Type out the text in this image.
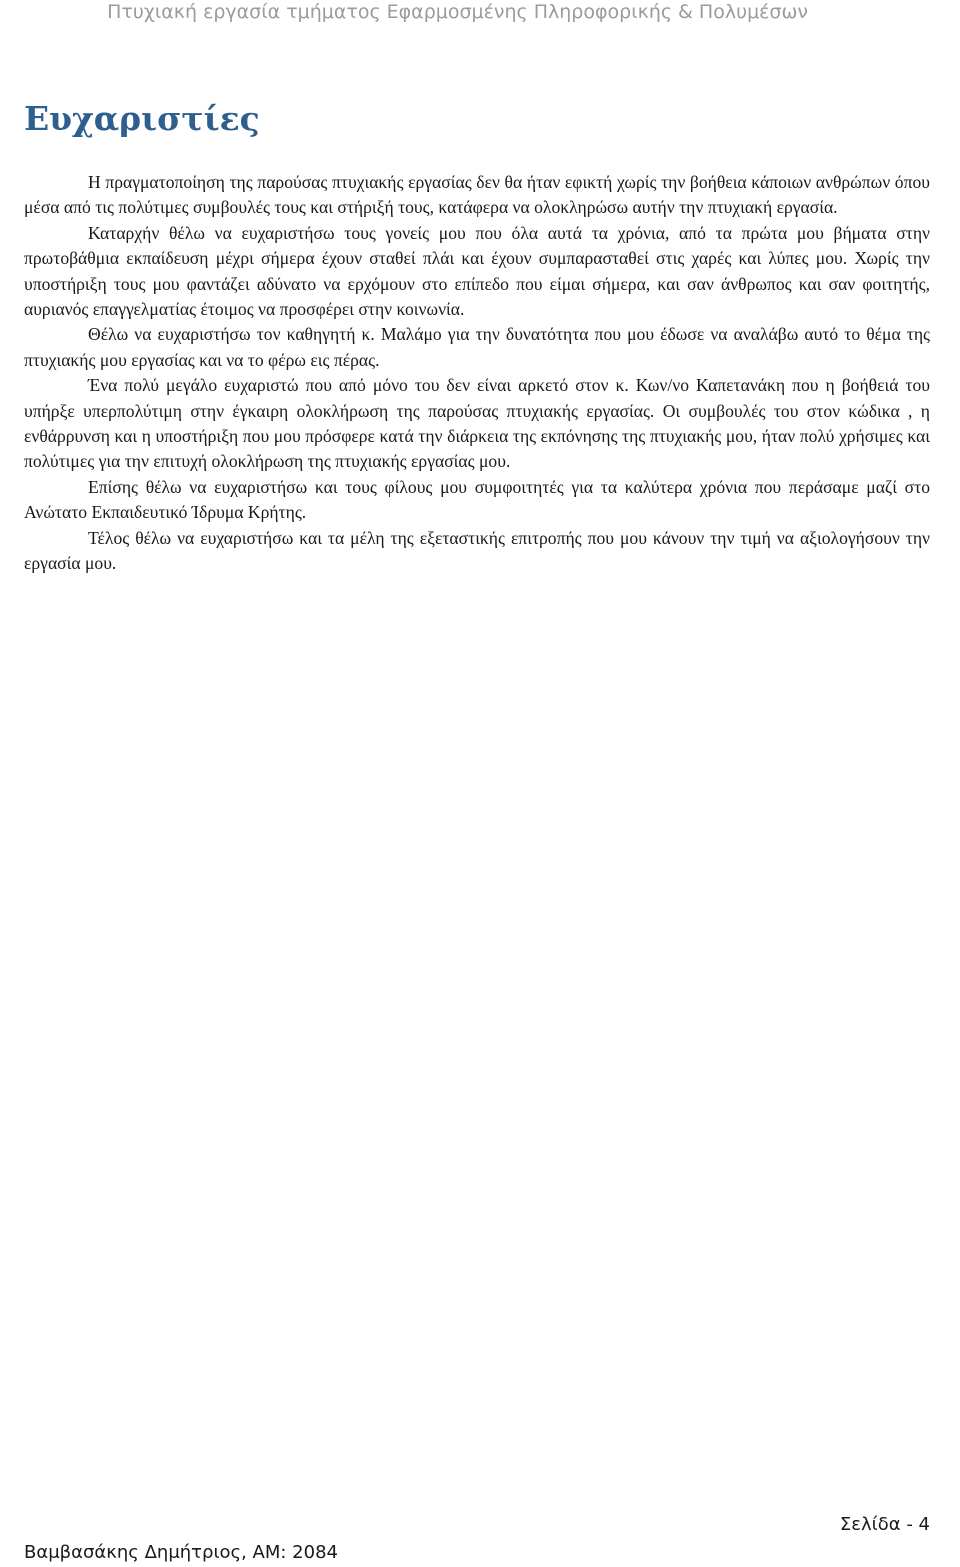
Πτυχιακή εργασία τμήματος Εφαρμοσμένης Πληροφορικής & Πολυμέσων
Ευχαριστίες

Η πραγματοποίηση της παρούσας πτυχιακής εργασίας δεν θα ήταν εφικτή χωρίς την βοήθεια κάποιων ανθρώπων όπου μέσα από τις πολύτιμες συμβουλές τους και στήριξή τους, κατάφερα να ολοκληρώσω αυτήν την πτυχιακή εργασία.

Καταρχήν θέλω να ευχαριστήσω τους γονείς μου που όλα αυτά τα χρόνια, από τα πρώτα μου βήματα στην πρωτοβάθμια εκπαίδευση μέχρι σήμερα έχουν σταθεί πλάι και έχουν συμπαρασταθεί στις χαρές και λύπες μου. Χωρίς την υποστήριξη τους μου φαντάζει αδύνατο να ερχόμουν στο επίπεδο που είμαι σήμερα, και σαν άνθρωπος και σαν φοιτητής, αυριανός επαγγελματίας έτοιμος να προσφέρει στην κοινωνία.

Θέλω να ευχαριστήσω τον καθηγητή κ. Μαλάμο για την δυνατότητα που μου έδωσε να αναλάβω αυτό το θέμα της πτυχιακής μου εργασίας και να το φέρω εις πέρας.

Ένα πολύ μεγάλο ευχαριστώ που από μόνο του δεν είναι αρκετό στον κ. Κων/νο Καπετανάκη που η βοήθειά του υπήρξε υπερπολύτιμη στην έγκαιρη ολοκλήρωση της παρούσας πτυχιακής εργασίας. Οι συμβουλές του στον κώδικα , η ενθάρρυνση και η υποστήριξη που μου πρόσφερε κατά την διάρκεια της εκπόνησης της πτυχιακής μου, ήταν πολύ χρήσιμες και πολύτιμες για την επιτυχή ολοκλήρωση της πτυχιακής εργασίας μου.

Επίσης θέλω να ευχαριστήσω και τους φίλους μου συμφοιτητές για τα καλύτερα χρόνια που περάσαμε μαζί στο Ανώτατο Εκπαιδευτικό Ίδρυμα Κρήτης.

Τέλος θέλω να ευχαριστήσω και τα μέλη της εξεταστικής επιτροπής που μου κάνουν την τιμή να αξιολογήσουν την εργασία μου.

Σελίδα - 4
Βαμβασάκης Δημήτριος, ΑΜ: 2084
